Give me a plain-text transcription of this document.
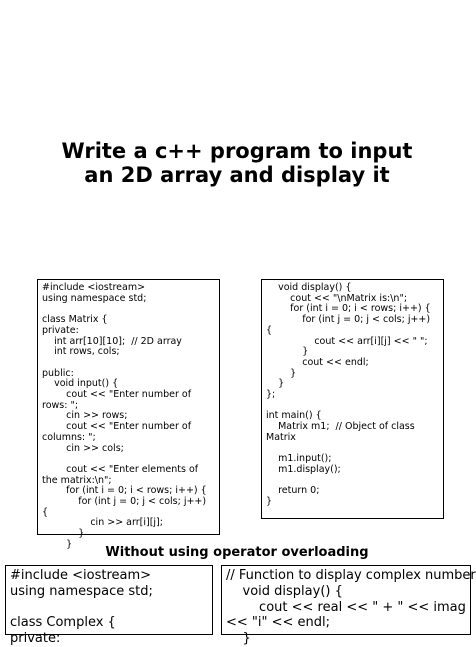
Write a c++ program to input an 2D array and display it
#include <iostream>
using namespace std;

class Matrix {
private:
int arr[10][10];  // 2D array
int rows, cols;

public:
void input() {
cout << "Enter number of rows: ";
cin >> rows;
cout << "Enter number of columns: ";
cin >> cols;

cout << "Enter elements of the matrix:\n";
for (int i = 0; i < rows; i++) {
for (int j = 0; j < cols; j++) {
cin >> arr[i][j];
}
}
void display() {
cout << "\nMatrix is:\n";
for (int i = 0; i < rows; i++) {
for (int j = 0; j < cols; j++) {
cout << arr[i][j] << " ";
}
cout << endl;
}
}
};

int main() {
Matrix m1;  // Object of class Matrix

m1.input();
m1.display();

return 0;
}
Without using operator overloading
#include <iostream>
using namespace std;

class Complex {
private:
// Function to display complex number
void display() {
cout << real << " + " << imag
<< "i" << endl;
}
